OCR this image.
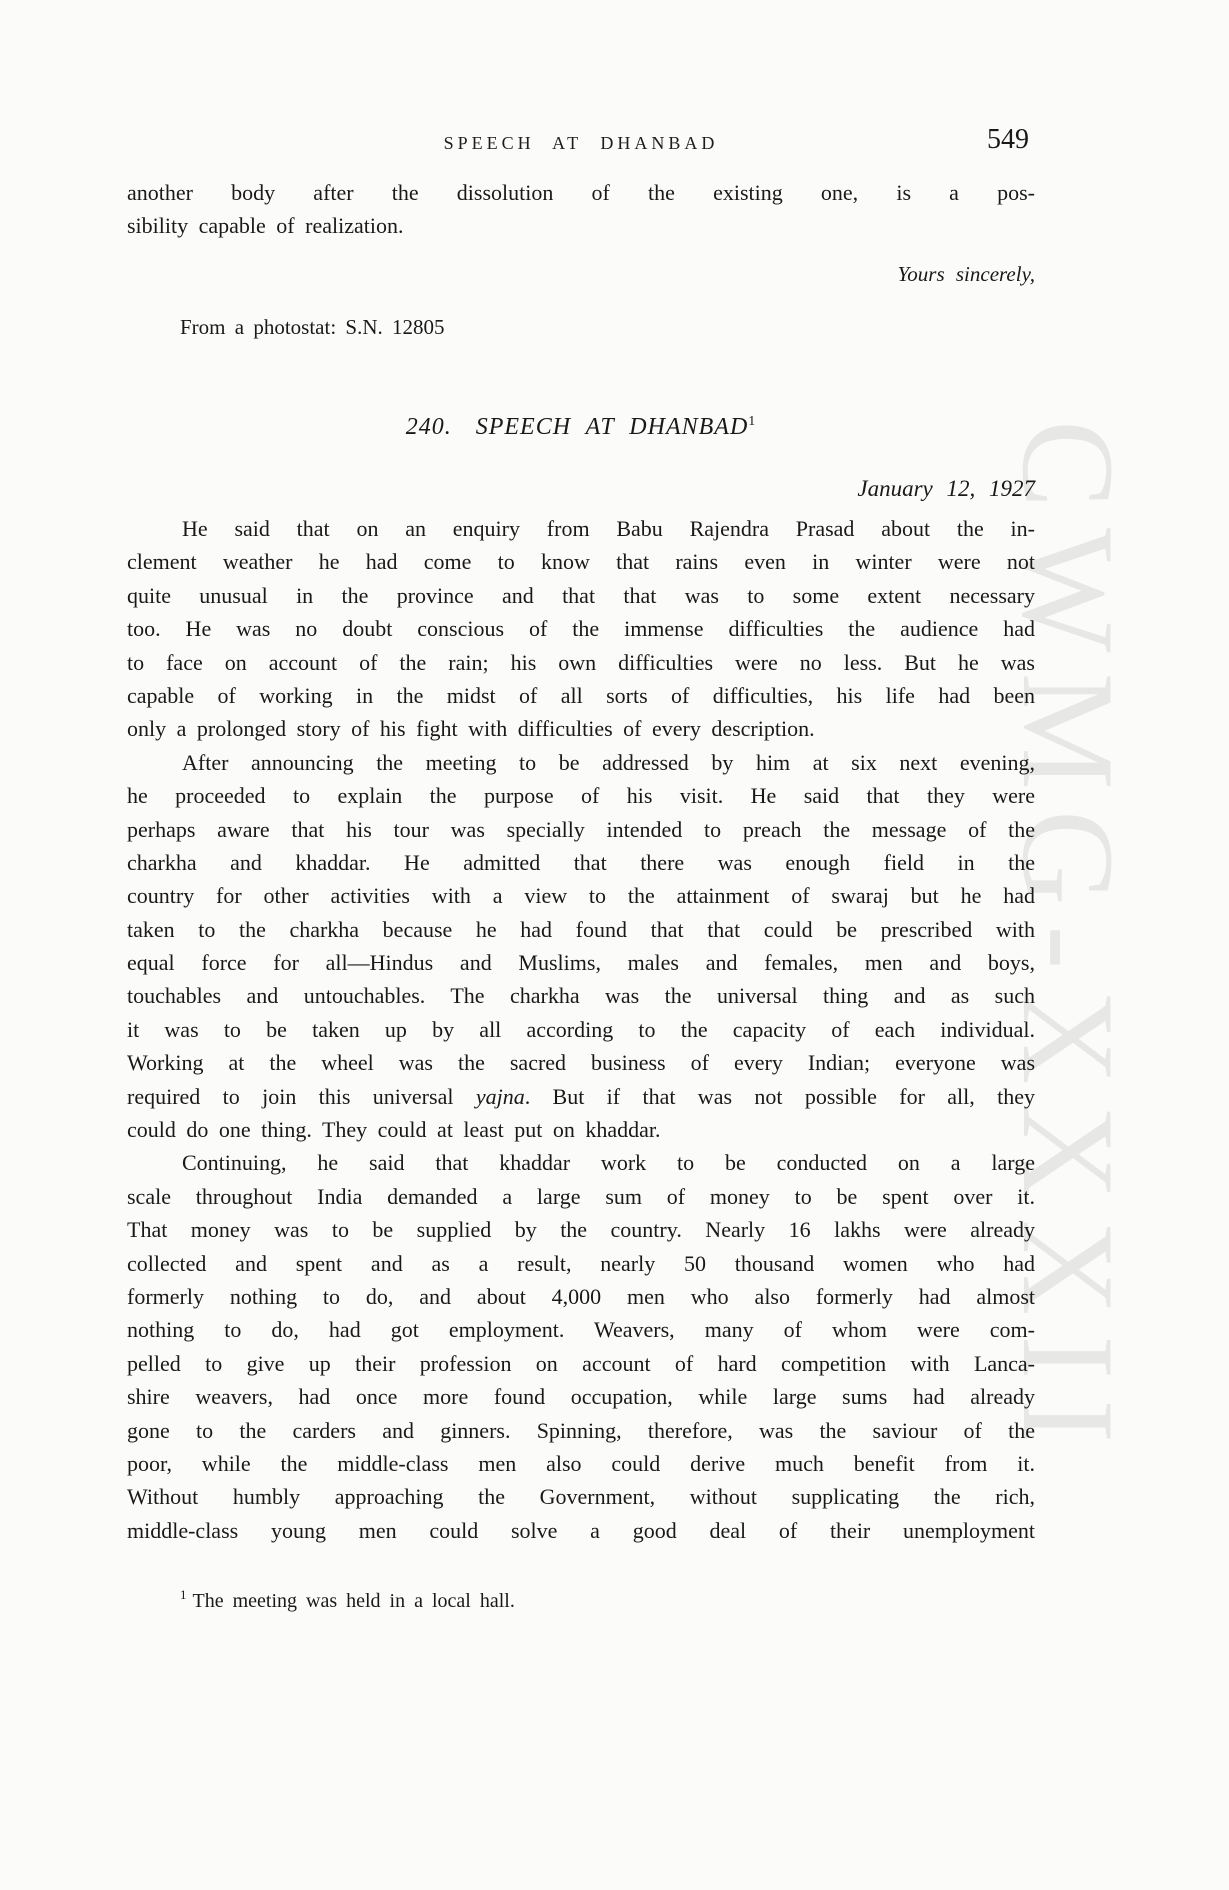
CWMG-XXXII
SPEECH AT DHANBAD	549
another body after the dissolution of the existing one, is a pos-
sibility capable of realization.
Yours sincerely,
From a photostat: S.N. 12805
240. SPEECH AT DHANBAD$^1$
January 12, 1927
He said that on an enquiry from Babu Rajendra Prasad about the in-
clement weather he had come to know that rains even in winter were not
quite unusual in the province and that that was to some extent necessary
too. He was no doubt conscious of the immense difficulties the audience had
to face on account of the rain; his own difficulties were no less. But he was
capable of working in the midst of all sorts of difficulties, his life had been
only a prolonged story of his fight with difficulties of every description.
After announcing the meeting to be addressed by him at six next evening,
he proceeded to explain the purpose of his visit. He said that they were
perhaps aware that his tour was specially intended to preach the message of the
charkha and khaddar. He admitted that there was enough field in the
country for other activities with a view to the attainment of swaraj but he had
taken to the charkha because he had found that that could be prescribed with
equal force for all—Hindus and Muslims, males and females, men and boys,
touchables and untouchables. The charkha was the universal thing and as such
it was to be taken up by all according to the capacity of each individual.
Working at the wheel was the sacred business of every Indian; everyone was
required to join this universal yajna. But if that was not possible for all, they
could do one thing. They could at least put on khaddar.
Continuing, he said that khaddar work to be conducted on a large
scale throughout India demanded a large sum of money to be spent over it.
That money was to be supplied by the country. Nearly 16 lakhs were already
collected and spent and as a result, nearly 50 thousand women who had
formerly nothing to do, and about 4,000 men who also formerly had almost
nothing to do, had got employment. Weavers, many of whom were com-
pelled to give up their profession on account of hard competition with Lanca-
shire weavers, had once more found occupation, while large sums had already
gone to the carders and ginners. Spinning, therefore, was the saviour of the
poor, while the middle-class men also could derive much benefit from it.
Without humbly approaching the Government, without supplicating the rich,
middle-class young men could solve a good deal of their unemployment
$^1$ The meeting was held in a local hall.
